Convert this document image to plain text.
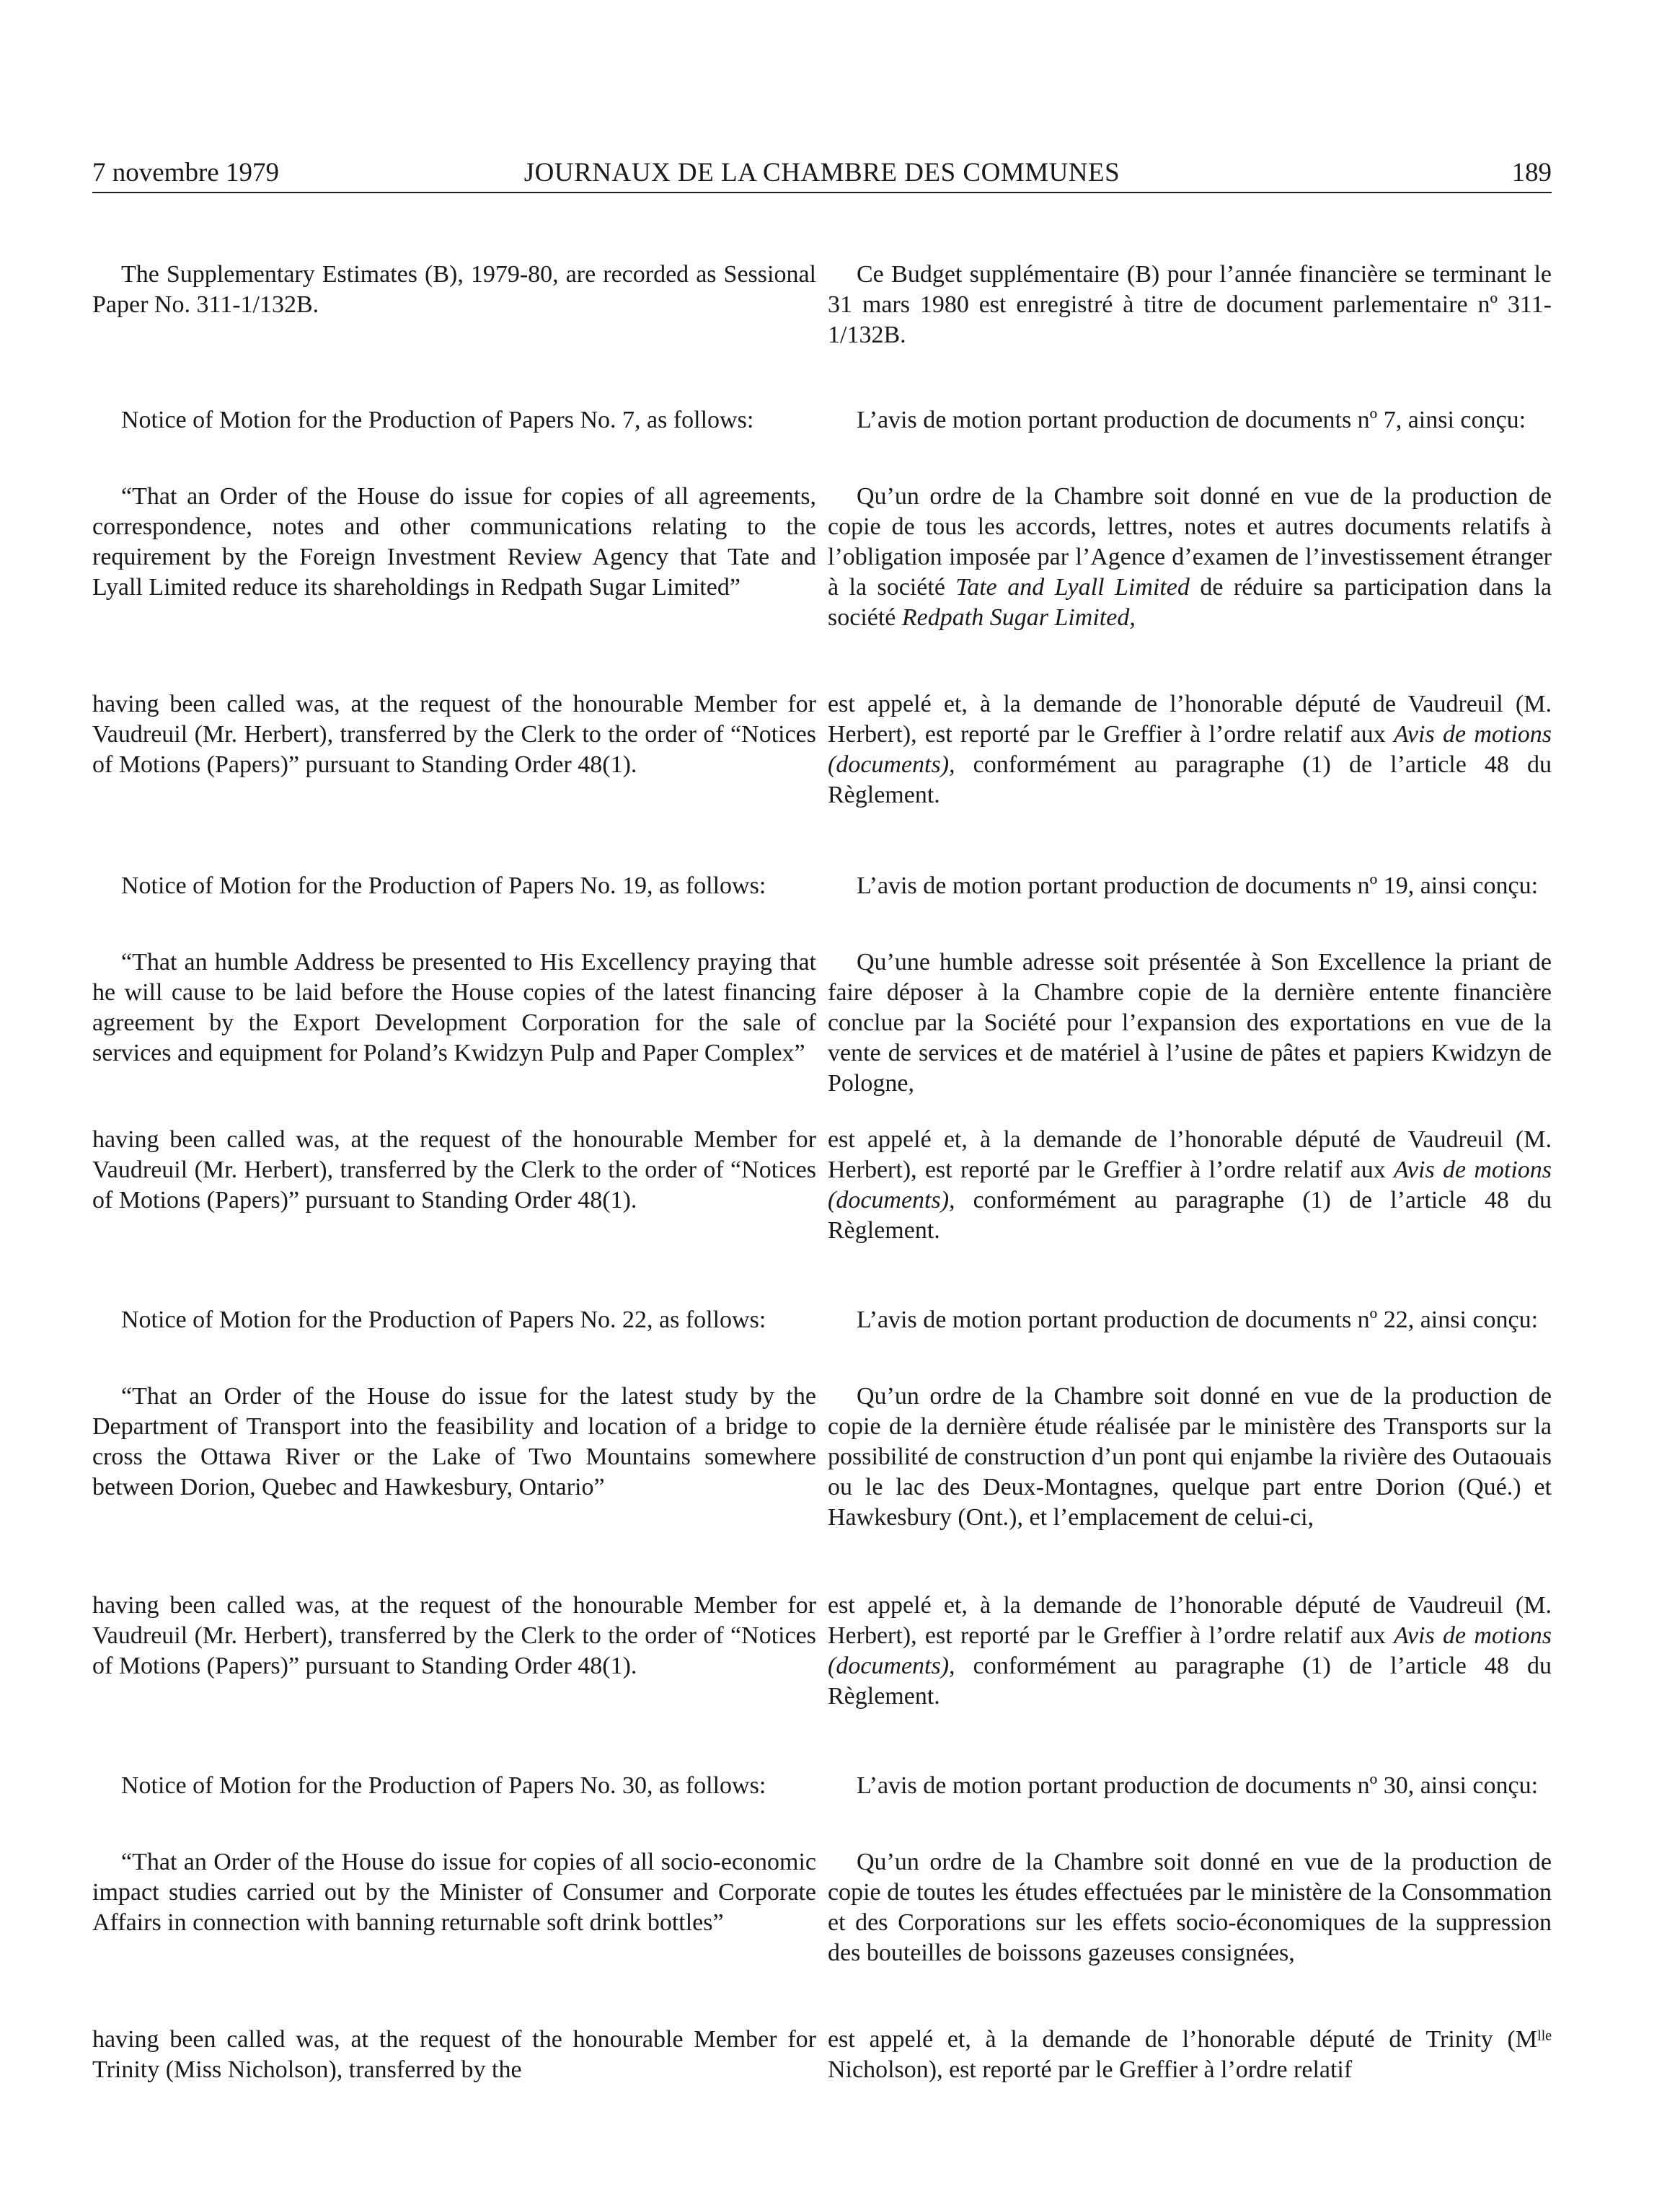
7 novembre 1979	JOURNAUX DE LA CHAMBRE DES COMMUNES	189

The Supplementary Estimates (B), 1979-80, are recorded as Sessional Paper No. 311-1/132B.

Notice of Motion for the Production of Papers No. 7, as follows:

“That an Order of the House do issue for copies of all agreements, correspondence, notes and other communications relating to the requirement by the Foreign Investment Review Agency that Tate and Lyall Limited reduce its shareholdings in Redpath Sugar Limited”

having been called was, at the request of the honourable Member for Vaudreuil (Mr. Herbert), transferred by the Clerk to the order of “Notices of Motions (Papers)” pursuant to Standing Order 48(1).

Notice of Motion for the Production of Papers No. 19, as follows:

“That an humble Address be presented to His Excellency praying that he will cause to be laid before the House copies of the latest financing agreement by the Export Development Corporation for the sale of services and equipment for Poland’s Kwidzyn Pulp and Paper Complex”

having been called was, at the request of the honourable Member for Vaudreuil (Mr. Herbert), transferred by the Clerk to the order of “Notices of Motions (Papers)” pursuant to Standing Order 48(1).

Notice of Motion for the Production of Papers No. 22, as follows:

“That an Order of the House do issue for the latest study by the Department of Transport into the feasibility and location of a bridge to cross the Ottawa River or the Lake of Two Mountains somewhere between Dorion, Quebec and Hawkesbury, Ontario”

having been called was, at the request of the honourable Member for Vaudreuil (Mr. Herbert), transferred by the Clerk to the order of “Notices of Motions (Papers)” pursuant to Standing Order 48(1).

Notice of Motion for the Production of Papers No. 30, as follows:

“That an Order of the House do issue for copies of all socio-economic impact studies carried out by the Minister of Consumer and Corporate Affairs in connection with banning returnable soft drink bottles”

having been called was, at the request of the honourable Member for Trinity (Miss Nicholson), transferred by the

Ce Budget supplémentaire (B) pour l’année financière se terminant le 31 mars 1980 est enregistré à titre de document parlementaire nº 311-1/132B.

L’avis de motion portant production de documents nº 7, ainsi conçu:

Qu’un ordre de la Chambre soit donné en vue de la production de copie de tous les accords, lettres, notes et autres documents relatifs à l’obligation imposée par l’Agence d’examen de l’investissement étranger à la société Tate and Lyall Limited de réduire sa participation dans la société Redpath Sugar Limited,

est appelé et, à la demande de l’honorable député de Vaudreuil (M. Herbert), est reporté par le Greffier à l’ordre relatif aux Avis de motions (documents), conformément au paragraphe (1) de l’article 48 du Règlement.

L’avis de motion portant production de documents nº 19, ainsi conçu:

Qu’une humble adresse soit présentée à Son Excellence la priant de faire déposer à la Chambre copie de la dernière entente financière conclue par la Société pour l’expansion des exportations en vue de la vente de services et de matériel à l’usine de pâtes et papiers Kwidzyn de Pologne,

est appelé et, à la demande de l’honorable député de Vaudreuil (M. Herbert), est reporté par le Greffier à l’ordre relatif aux Avis de motions (documents), conformément au paragraphe (1) de l’article 48 du Règlement.

L’avis de motion portant production de documents nº 22, ainsi conçu:

Qu’un ordre de la Chambre soit donné en vue de la production de copie de la dernière étude réalisée par le ministère des Transports sur la possibilité de construction d’un pont qui enjambe la rivière des Outaouais ou le lac des Deux-Montagnes, quelque part entre Dorion (Qué.) et Hawkesbury (Ont.), et l’emplacement de celui-ci,

est appelé et, à la demande de l’honorable député de Vaudreuil (M. Herbert), est reporté par le Greffier à l’ordre relatif aux Avis de motions (documents), conformément au paragraphe (1) de l’article 48 du Règlement.

L’avis de motion portant production de documents nº 30, ainsi conçu:

Qu’un ordre de la Chambre soit donné en vue de la production de copie de toutes les études effectuées par le ministère de la Consommation et des Corporations sur les effets socio-économiques de la suppression des bouteilles de boissons gazeuses consignées,

est appelé et, à la demande de l’honorable député de Trinity (Mˡˡᵉ Nicholson), est reporté par le Greffier à l’ordre relatif
